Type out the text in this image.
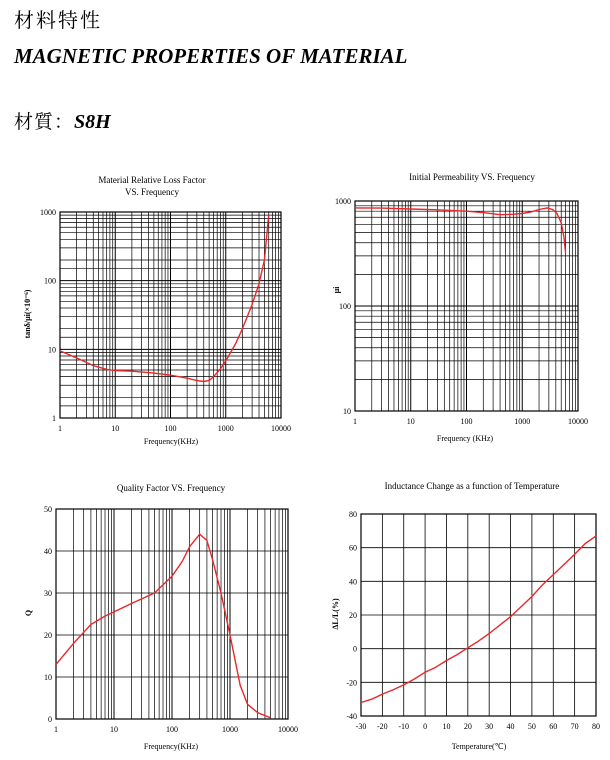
材料特性
MAGNETIC PROPERTIES OF MATERIAL
材質：S8H
1	10	100	1000	10000
1
10
100
1000
Material Relative Loss Factor
VS. Frequency
Frequency(KHz)
tanδ/μi(×10⁻⁶)
1	10	100	1000	10000
10
100
1000
Initial Permeability VS. Frequency
Frequency (KHz)
μi
1	10	100	1000	10000
0
10
20
30
40
50
Quality Factor VS. Frequency
Frequency(KHz)
Q
-30 -20 -10 0 10 20 30 40 50 60 70 80
-40
-20
0
20
40
60
80
Inductance Change as a function of Temperature
Temperature(℃)
ΔL/L(%)
